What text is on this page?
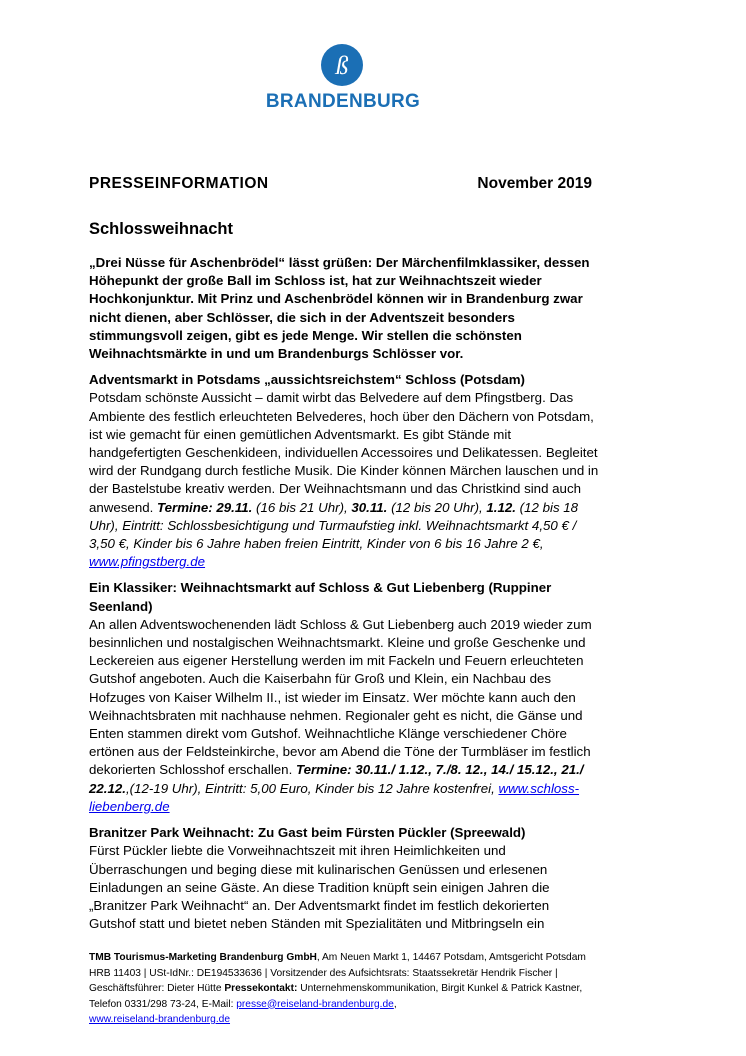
ß
BRANDENBURG
PRESSEINFORMATION	November 2019
Schlossweihnacht

„Drei Nüsse für Aschenbrödel“ lässt grüßen: Der Märchenfilmklassiker, dessen Höhepunkt der große Ball im Schloss ist, hat zur Weihnachtszeit wieder Hochkonjunktur. Mit Prinz und Aschenbrödel können wir in Brandenburg zwar nicht dienen, aber Schlösser, die sich in der Adventszeit besonders stimmungsvoll zeigen, gibt es jede Menge. Wir stellen die schönsten Weihnachtsmärkte in und um Brandenburgs Schlösser vor.

Adventsmarkt in Potsdams „aussichtsreichstem“ Schloss (Potsdam)

Potsdam schönste Aussicht – damit wirbt das Belvedere auf dem Pfingstberg. Das Ambiente des festlich erleuchteten Belvederes, hoch über den Dächern von Potsdam, ist wie gemacht für einen gemütlichen Adventsmarkt. Es gibt Stände mit handgefertigten Geschenkideen, individuellen Accessoires und Delikatessen. Begleitet wird der Rundgang durch festliche Musik. Die Kinder können Märchen lauschen und in der Bastelstube kreativ werden. Der Weihnachtsmann und das Christkind sind auch anwesend. Termine: 29.11. (16 bis 21 Uhr), 30.11. (12 bis 20 Uhr), 1.12. (12 bis 18 Uhr), Eintritt: Schlossbesichtigung und Turmaufstieg inkl. Weihnachtsmarkt 4,50 € / 3,50 €, Kinder bis 6 Jahre haben freien Eintritt, Kinder von 6 bis 16 Jahre 2 €, www.pfingstberg.de

Ein Klassiker: Weihnachtsmarkt auf Schloss & Gut Liebenberg (Ruppiner Seenland)

An allen Adventswochenenden lädt Schloss & Gut Liebenberg auch 2019 wieder zum besinnlichen und nostalgischen Weihnachtsmarkt. Kleine und große Geschenke und Leckereien aus eigener Herstellung werden im mit Fackeln und Feuern erleuchteten Gutshof angeboten. Auch die Kaiserbahn für Groß und Klein, ein Nachbau des Hofzuges von Kaiser Wilhelm II., ist wieder im Einsatz. Wer möchte kann auch den Weihnachtsbraten mit nachhause nehmen. Regionaler geht es nicht, die Gänse und Enten stammen direkt vom Gutshof. Weihnachtliche Klänge verschiedener Chöre ertönen aus der Feldsteinkirche, bevor am Abend die Töne der Turmbläser im festlich dekorierten Schlosshof erschallen. Termine: 30.11./ 1.12., 7./8. 12., 14./ 15.12., 21./ 22.12.,(12-19 Uhr), Eintritt: 5,00 Euro, Kinder bis 12 Jahre kostenfrei, www.schloss-liebenberg.de

Branitzer Park Weihnacht: Zu Gast beim Fürsten Pückler (Spreewald)

Fürst Pückler liebte die Vorweihnachtszeit mit ihren Heimlichkeiten und Überraschungen und beging diese mit kulinarischen Genüssen und erlesenen Einladungen an seine Gäste. An diese Tradition knüpft sein einigen Jahren die „Branitzer Park Weihnacht“ an. Der Adventsmarkt findet im festlich dekorierten Gutshof statt und bietet neben Ständen mit Spezialitäten und Mitbringseln ein

TMB Tourismus-Marketing Brandenburg GmbH, Am Neuen Markt 1, 14467 Potsdam, Amtsgericht Potsdam HRB 11403 | USt-IdNr.: DE194533636 | Vorsitzender des Aufsichtsrats: Staatssekretär Hendrik Fischer | Geschäftsführer: Dieter Hütte Pressekontakt: Unternehmenskommunikation, Birgit Kunkel & Patrick Kastner, Telefon 0331/298 73-24, E-Mail: presse@reiseland-brandenburg.de,
www.reiseland-brandenburg.de
